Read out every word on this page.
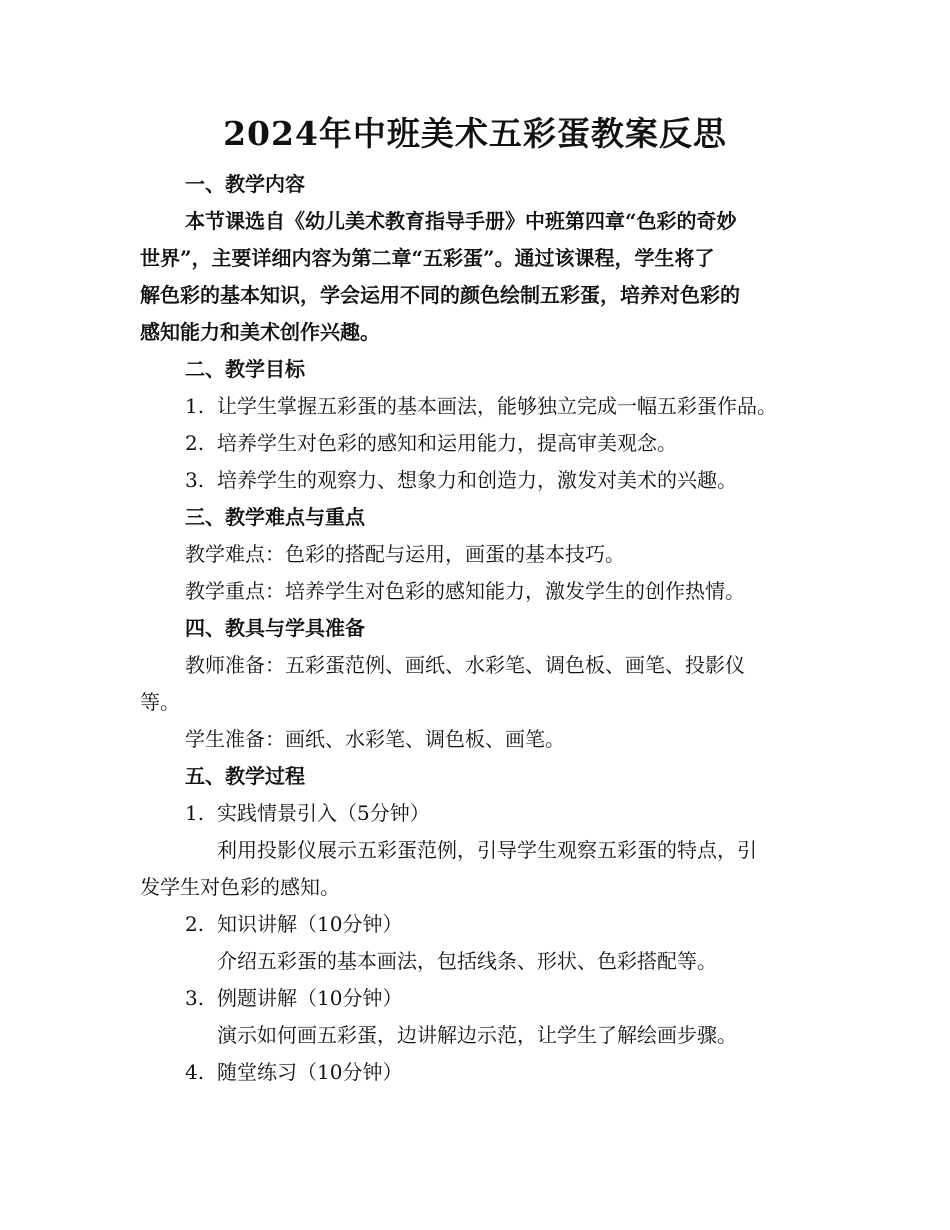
2024年中班美术五彩蛋教案反思

一、教学内容

本节课选自《幼儿美术教育指导手册》中班第四章“色彩的奇妙

世界”，主要详细内容为第二章“五彩蛋”。通过该课程，学生将了

解色彩的基本知识，学会运用不同的颜色绘制五彩蛋，培养对色彩的

感知能力和美术创作兴趣。

二、教学目标

1. 让学生掌握五彩蛋的基本画法，能够独立完成一幅五彩蛋作品。

2. 培养学生对色彩的感知和运用能力，提高审美观念。

3. 培养学生的观察力、想象力和创造力，激发对美术的兴趣。

三、教学难点与重点

教学难点：色彩的搭配与运用，画蛋的基本技巧。

教学重点：培养学生对色彩的感知能力，激发学生的创作热情。

四、教具与学具准备

教师准备：五彩蛋范例、画纸、水彩笔、调色板、画笔、投影仪

等。

学生准备：画纸、水彩笔、调色板、画笔。

五、教学过程

1. 实践情景引入（5分钟）

利用投影仪展示五彩蛋范例，引导学生观察五彩蛋的特点，引

发学生对色彩的感知。

2. 知识讲解（10分钟）

介绍五彩蛋的基本画法，包括线条、形状、色彩搭配等。

3. 例题讲解（10分钟）

演示如何画五彩蛋，边讲解边示范，让学生了解绘画步骤。

4. 随堂练习（10分钟）
